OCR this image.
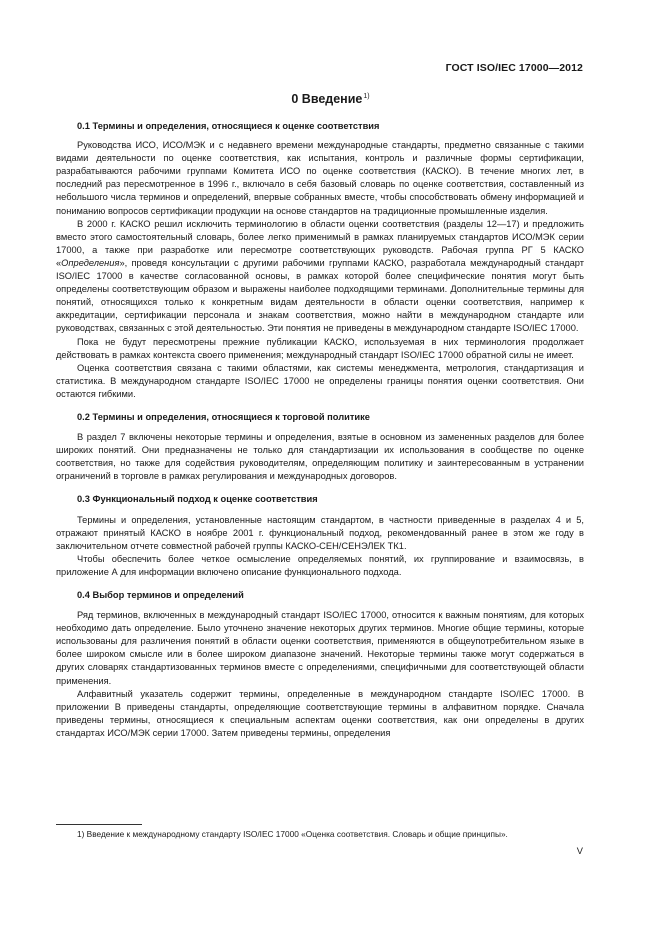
ГОСТ ISO/IEC 17000—2012
0 Введение$^{1)}$
0.1 Термины и определения, относящиеся к оценке соответствия

Руководства ИСО, ИСО/МЭК и с недавнего времени международные стандарты, предметно связанные с такими видами деятельности по оценке соответствия, как испытания, контроль и различные формы сертификации, разрабатываются рабочими группами Комитета ИСО по оценке соответствия (КАСКО). В течение многих лет, в последний раз пересмотренное в 1996 г., включало в себя базовый словарь по оценке соответствия, составленный из небольшого числа терминов и определений, впервые собранных вместе, чтобы способствовать обмену информацией и пониманию вопросов сертификации продукции на основе стандартов на традиционные промышленные изделия.

В 2000 г. КАСКО решил исключить терминологию в области оценки соответствия (разделы 12—17) и предложить вместо этого самостоятельный словарь, более легко применимый в рамках планируемых стандартов ИСО/МЭК серии 17000, а также при разработке или пересмотре соответствующих руководств. Рабочая группа РГ 5 КАСКО «Определения», проведя консультации с другими рабочими группами КАСКО, разработала международный стандарт ISO/IEC 17000 в качестве согласованной основы, в рамках которой более специфические понятия могут быть определены соответствующим образом и выражены наиболее подходящими терминами. Дополнительные термины для понятий, относящихся только к конкретным видам деятельности в области оценки соответствия, например к аккредитации, сертификации персонала и знакам соответствия, можно найти в международном стандарте или руководствах, связанных с этой деятельностью. Эти понятия не приведены в международном стандарте ISO/IEC 17000.

Пока не будут пересмотрены прежние публикации КАСКО, используемая в них терминология продолжает действовать в рамках контекста своего применения; международный стандарт ISO/IEC 17000 обратной силы не имеет.

Оценка соответствия связана с такими областями, как системы менеджмента, метрология, стандартизация и статистика. В международном стандарте ISO/IEC 17000 не определены границы понятия оценки соответствия. Они остаются гибкими.

0.2 Термины и определения, относящиеся к торговой политике

В раздел 7 включены некоторые термины и определения, взятые в основном из замененных разделов для более широких понятий. Они предназначены не только для стандартизации их использования в сообществе по оценке соответствия, но также для содействия руководителям, определяющим политику и заинтересованным в устранении ограничений в торговле в рамках регулирования и международных договоров.

0.3 Функциональный подход к оценке соответствия

Термины и определения, установленные настоящим стандартом, в частности приведенные в разделах 4 и 5, отражают принятый КАСКО в ноябре 2001 г. функциональный подход, рекомендованный ранее в этом же году в заключительном отчете совместной рабочей группы КАСКО-СЕН/СЕНЭЛЕК ТК1.

Чтобы обеспечить более четкое осмысление определяемых понятий, их группирование и взаимосвязь, в приложение А для информации включено описание функционального подхода.

0.4 Выбор терминов и определений

Ряд терминов, включенных в международный стандарт ISO/IEC 17000, относится к важным понятиям, для которых необходимо дать определение. Было уточнено значение некоторых других терминов. Многие общие термины, которые использованы для различения понятий в области оценки соответствия, применяются в общеупотребительном языке в более широком смысле или в более широком диапазоне значений. Некоторые термины также могут содержаться в других словарях стандартизованных терминов вместе с определениями, специфичными для соответствующей области применения.

Алфавитный указатель содержит термины, определенные в международном стандарте ISO/IEC 17000. В приложении В приведены стандарты, определяющие соответствующие термины в алфавитном порядке. Сначала приведены термины, относящиеся к специальным аспектам оценки соответствия, как они определены в других стандартах ИСО/МЭК серии 17000. Затем приведены термины, определения

1) Введение к международному стандарту ISO/IEC 17000 «Оценка соответствия. Словарь и общие принципы».
V
